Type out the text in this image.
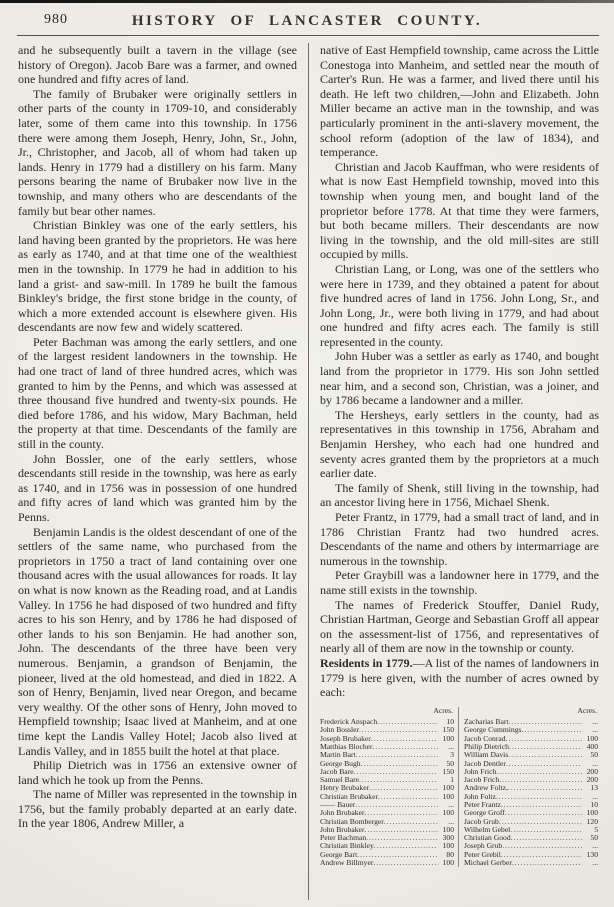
980	HISTORY OF LANCASTER COUNTY.

and he subsequently built a tavern in the village (see history of Oregon). Jacob Bare was a farmer, and owned one hundred and fifty acres of land.

The family of Brubaker were originally settlers in other parts of the county in 1709-10, and considerably later, some of them came into this township. In 1756 there were among them Joseph, Henry, John, Sr., John, Jr., Christopher, and Jacob, all of whom had taken up lands. Henry in 1779 had a distillery on his farm. Many persons bearing the name of Brubaker now live in the township, and many others who are descendants of the family but bear other names.

Christian Binkley was one of the early settlers, his land having been granted by the proprietors. He was here as early as 1740, and at that time one of the wealthiest men in the township. In 1779 he had in addition to his land a grist- and saw-mill. In 1789 he built the famous Binkley's bridge, the first stone bridge in the county, of which a more extended account is elsewhere given. His descendants are now few and widely scattered.

Peter Bachman was among the early settlers, and one of the largest resident landowners in the township. He had one tract of land of three hundred acres, which was granted to him by the Penns, and which was assessed at three thousand five hundred and twenty-six pounds. He died before 1786, and his widow, Mary Bachman, held the property at that time. Descendants of the family are still in the county.

John Bossler, one of the early settlers, whose descendants still reside in the township, was here as early as 1740, and in 1756 was in possession of one hundred and fifty acres of land which was granted him by the Penns.

Benjamin Landis is the oldest descendant of one of the settlers of the same name, who purchased from the proprietors in 1750 a tract of land containing over one thousand acres with the usual allowances for roads. It lay on what is now known as the Reading road, and at Landis Valley. In 1756 he had disposed of two hundred and fifty acres to his son Henry, and by 1786 he had disposed of other lands to his son Benjamin. He had another son, John. The descendants of the three have been very numerous. Benjamin, a grandson of Benjamin, the pioneer, lived at the old homestead, and died in 1822. A son of Henry, Benjamin, lived near Oregon, and became very wealthy. Of the other sons of Henry, John moved to Hempfield township; Isaac lived at Manheim, and at one time kept the Landis Valley Hotel; Jacob also lived at Landis Valley, and in 1855 built the hotel at that place.

Philip Dietrich was in 1756 an extensive owner of land which he took up from the Penns.

The name of Miller was represented in the township in 1756, but the family probably departed at an early date. In the year 1806, Andrew Miller, a

native of East Hempfield township, came across the Little Conestoga into Manheim, and settled near the mouth of Carter's Run. He was a farmer, and lived there until his death. He left two children,—John and Elizabeth. John Miller became an active man in the township, and was particularly prominent in the anti-slavery movement, the school reform (adoption of the law of 1834), and temperance.

Christian and Jacob Kauffman, who were residents of what is now East Hempfield township, moved into this township when young men, and bought land of the proprietor before 1778. At that time they were farmers, but both became millers. Their descendants are now living in the township, and the old mill-sites are still occupied by mills.

Christian Lang, or Long, was one of the settlers who were here in 1739, and they obtained a patent for about five hundred acres of land in 1756. John Long, Sr., and John Long, Jr., were both living in 1779, and had about one hundred and fifty acres each. The family is still represented in the county.

John Huber was a settler as early as 1740, and bought land from the proprietor in 1779. His son John settled near him, and a second son, Christian, was a joiner, and by 1786 became a landowner and a miller.

The Hersheys, early settlers in the county, had as representatives in this township in 1756, Abraham and Benjamin Hershey, who each had one hundred and seventy acres granted them by the proprietors at a much earlier date.

The family of Shenk, still living in the township, had an ancestor living here in 1756, Michael Shenk.

Peter Frantz, in 1779, had a small tract of land, and in 1786 Christian Frantz had two hundred acres. Descendants of the name and others by intermarriage are numerous in the township.

Peter Graybill was a landowner here in 1779, and the name still exists in the township.

The names of Frederick Stouffer, Daniel Rudy, Christian Hartman, George and Sebastian Groff all appear on the assessment-list of 1756, and representatives of nearly all of them are now in the township or county.

Residents in 1779.—A list of the names of landowners in 1779 is here given, with the number of acres owned by each:

Acres.
Frederick Anspach .....	10
John Bossler .....	150
Joseph Brubaker .....	100
Matthias Blocher .....	...
Martin Bart .....	3
George Bugh .....	50
Jacob Bare .....	150
Samuel Bare .....	1
Henry Brubaker .....	100
Christian Brubaker .....	100
—— Bauer .....	...
John Brubaker .....	100
Christian Bomberger .....	...
John Brubaker .....	100
Peter Bachman .....	300
Christian Binkley .....	100
George Bart .....	80
Andrew Billmyer .....	100
Acres.
Zacharias Bart .....	...
George Cummings .....	...
Jacob Conrad .....	100
Philip Dietrich .....	400
William Davis .....	50
Jacob Dentler .....	...
John Frich .....	200
Jacob Frich .....	200
Andrew Foltz, .....	13
John Foltz .....	...
Peter Frantz .....	10
George Groff .....	100
Jacob Grub .....	120
Wilhelm Gebel .....	5
Christian Good .....	50
Joseph Grub .....	...
Peter Grebil .....	130
Michael Gerber .....	...
